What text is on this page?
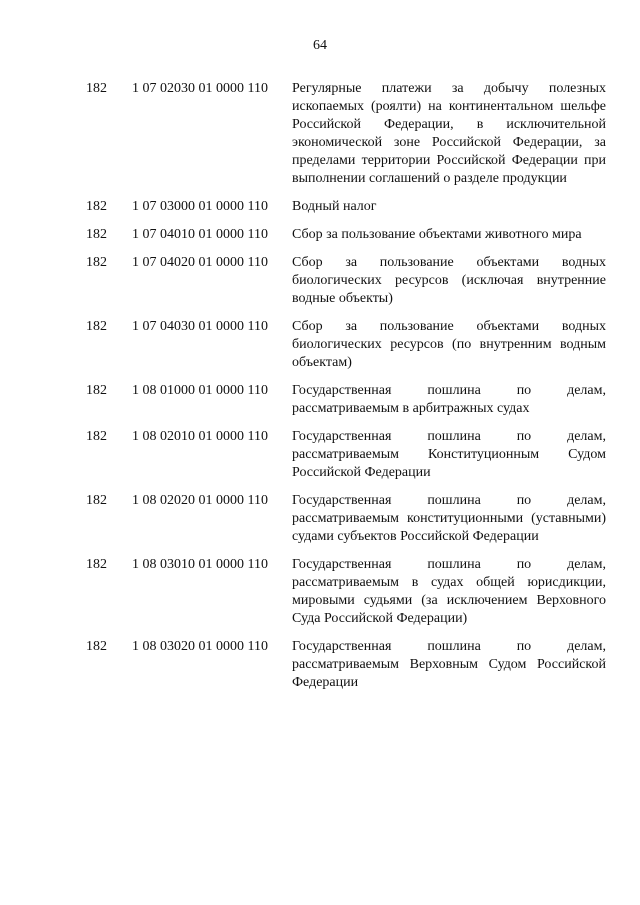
64
182	1 07 02030 01 0000 110	Регулярные платежи за добычу полезных ископаемых (роялти) на континентальном шельфе Российской Федерации, в исключительной экономической зоне Российской Федерации, за пределами территории Российской Федерации при выполнении соглашений о разделе продукции
182	1 07 03000 01 0000 110	Водный налог
182	1 07 04010 01 0000 110	Сбор за пользование объектами животного мира
182	1 07 04020 01 0000 110	Сбор за пользование объектами водных биологических ресурсов (исключая внутренние водные объекты)
182	1 07 04030 01 0000 110	Сбор за пользование объектами водных биологических ресурсов (по внутренним водным объектам)
182	1 08 01000 01 0000 110	Государственная пошлина по делам, рассматриваемым в арбитражных судах
182	1 08 02010 01 0000 110	Государственная пошлина по делам, рассматриваемым Конституционным Судом Российской Федерации
182	1 08 02020 01 0000 110	Государственная пошлина по делам, рассматриваемым конституционными (уставными) судами субъектов Российской Федерации
182	1 08 03010 01 0000 110	Государственная пошлина по делам, рассматриваемым в судах общей юрисдикции, мировыми судьями (за исключением Верховного Суда Российской Федерации)
182	1 08 03020 01 0000 110	Государственная пошлина по делам, рассматриваемым Верховным Судом Российской Федерации
